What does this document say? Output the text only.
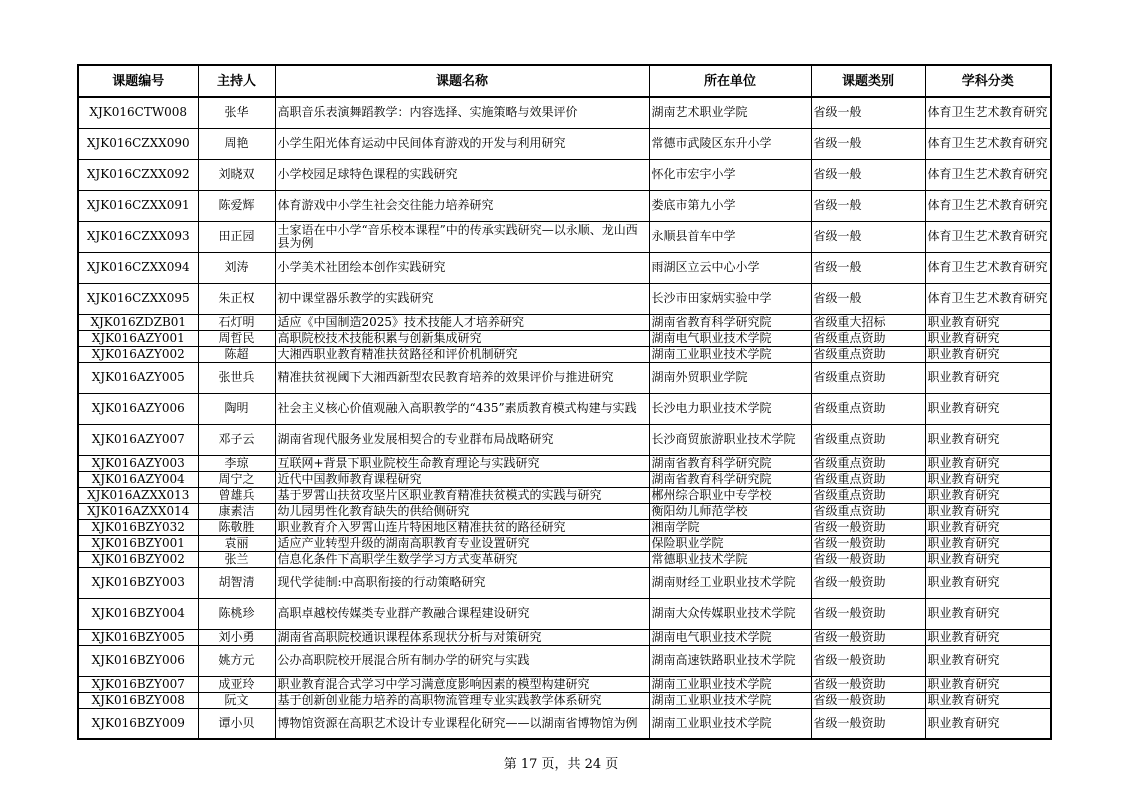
课题编号	主持人	课题名称	所在单位	课题类别	学科分类
XJK016CTW008	张华	高职音乐表演舞蹈教学：内容选择、实施策略与效果评价	湖南艺术职业学院	省级一般	体育卫生艺术教育研究
XJK016CZXX090	周艳	小学生阳光体育运动中民间体育游戏的开发与利用研究	常德市武陵区东升小学	省级一般	体育卫生艺术教育研究
XJK016CZXX092	刘晓双	小学校园足球特色课程的实践研究	怀化市宏宇小学	省级一般	体育卫生艺术教育研究
XJK016CZXX091	陈爱辉	体育游戏中小学生社会交往能力培养研究	娄底市第九小学	省级一般	体育卫生艺术教育研究
XJK016CZXX093	田正园	土家语在中小学“音乐校本课程”中的传承实践研究—以永顺、龙山西县为例	永顺县首车中学	省级一般	体育卫生艺术教育研究
XJK016CZXX094	刘涛	小学美术社团绘本创作实践研究	雨湖区立云中心小学	省级一般	体育卫生艺术教育研究
XJK016CZXX095	朱正权	初中课堂器乐教学的实践研究	长沙市田家炳实验中学	省级一般	体育卫生艺术教育研究
XJK016ZDZB01	石灯明	适应《中国制造2025》技术技能人才培养研究	湖南省教育科学研究院	省级重大招标	职业教育研究
XJK016AZY001	周哲民	高职院校技术技能积累与创新集成研究	湖南电气职业技术学院	省级重点资助	职业教育研究
XJK016AZY002	陈超	大湘西职业教育精准扶贫路径和评价机制研究	湖南工业职业技术学院	省级重点资助	职业教育研究
XJK016AZY005	张世兵	精准扶贫视阈下大湘西新型农民教育培养的效果评价与推进研究	湖南外贸职业学院	省级重点资助	职业教育研究
XJK016AZY006	陶明	社会主义核心价值观融入高职教学的“435”素质教育模式构建与实践	长沙电力职业技术学院	省级重点资助	职业教育研究
XJK016AZY007	邓子云	湖南省现代服务业发展相契合的专业群布局战略研究	长沙商贸旅游职业技术学院	省级重点资助	职业教育研究
XJK016AZY003	李琼	互联网+背景下职业院校生命教育理论与实践研究	湖南省教育科学研究院	省级重点资助	职业教育研究
XJK016AZY004	周宁之	近代中国教师教育课程研究	湖南省教育科学研究院	省级重点资助	职业教育研究
XJK016AZXX013	曾雄兵	基于罗霄山扶贫攻坚片区职业教育精准扶贫模式的实践与研究	郴州综合职业中专学校	省级重点资助	职业教育研究
XJK016AZXX014	康素洁	幼儿园男性化教育缺失的供给侧研究	衡阳幼儿师范学校	省级重点资助	职业教育研究
XJK016BZY032	陈敬胜	职业教育介入罗霄山连片特困地区精准扶贫的路径研究	湘南学院	省级一般资助	职业教育研究
XJK016BZY001	袁丽	适应产业转型升级的湖南高职教育专业设置研究	保险职业学院	省级一般资助	职业教育研究
XJK016BZY002	张兰	信息化条件下高职学生数学学习方式变革研究	常德职业技术学院	省级一般资助	职业教育研究
XJK016BZY003	胡智清	现代学徒制:中高职衔接的行动策略研究	湖南财经工业职业技术学院	省级一般资助	职业教育研究
XJK016BZY004	陈桃珍	高职卓越校传媒类专业群产教融合课程建设研究	湖南大众传媒职业技术学院	省级一般资助	职业教育研究
XJK016BZY005	刘小勇	湖南省高职院校通识课程体系现状分析与对策研究	湖南电气职业技术学院	省级一般资助	职业教育研究
XJK016BZY006	姚方元	公办高职院校开展混合所有制办学的研究与实践	湖南高速铁路职业技术学院	省级一般资助	职业教育研究
XJK016BZY007	成亚玲	职业教育混合式学习中学习满意度影响因素的模型构建研究	湖南工业职业技术学院	省级一般资助	职业教育研究
XJK016BZY008	阮文	基于创新创业能力培养的高职物流管理专业实践教学体系研究	湖南工业职业技术学院	省级一般资助	职业教育研究
XJK016BZY009	谭小贝	博物馆资源在高职艺术设计专业课程化研究——以湖南省博物馆为例	湖南工业职业技术学院	省级一般资助	职业教育研究
第 17 页，共 24 页
